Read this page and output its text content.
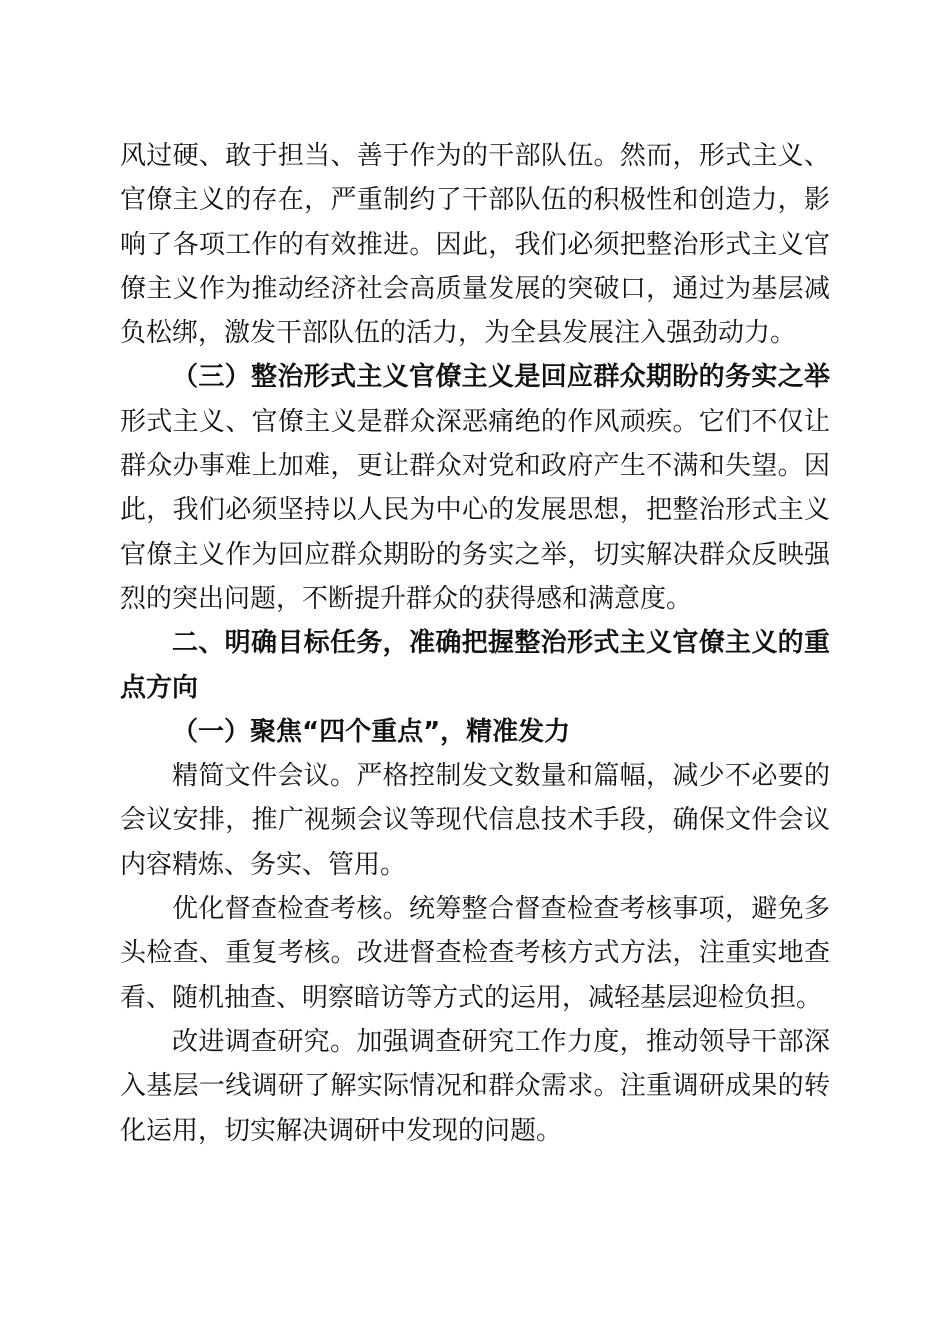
风过硬、敢于担当、善于作为的干部队伍。然而，形式主义、
官僚主义的存在，严重制约了干部队伍的积极性和创造力，影
响了各项工作的有效推进。因此，我们必须把整治形式主义官
僚主义作为推动经济社会高质量发展的突破口，通过为基层减
负松绑，激发干部队伍的活力，为全县发展注入强劲动力。
（三）整治形式主义官僚主义是回应群众期盼的务实之举
形式主义、官僚主义是群众深恶痛绝的作风顽疾。它们不仅让
群众办事难上加难，更让群众对党和政府产生不满和失望。因
此，我们必须坚持以人民为中心的发展思想，把整治形式主义
官僚主义作为回应群众期盼的务实之举，切实解决群众反映强
烈的突出问题，不断提升群众的获得感和满意度。
二、明确目标任务，准确把握整治形式主义官僚主义的重
点方向
（一）聚焦“四个重点”，精准发力
精简文件会议。严格控制发文数量和篇幅，减少不必要的
会议安排，推广视频会议等现代信息技术手段，确保文件会议
内容精炼、务实、管用。
优化督查检查考核。统筹整合督查检查考核事项，避免多
头检查、重复考核。改进督查检查考核方式方法，注重实地查
看、随机抽查、明察暗访等方式的运用，减轻基层迎检负担。
改进调查研究。加强调查研究工作力度，推动领导干部深
入基层一线调研了解实际情况和群众需求。注重调研成果的转
化运用，切实解决调研中发现的问题。
